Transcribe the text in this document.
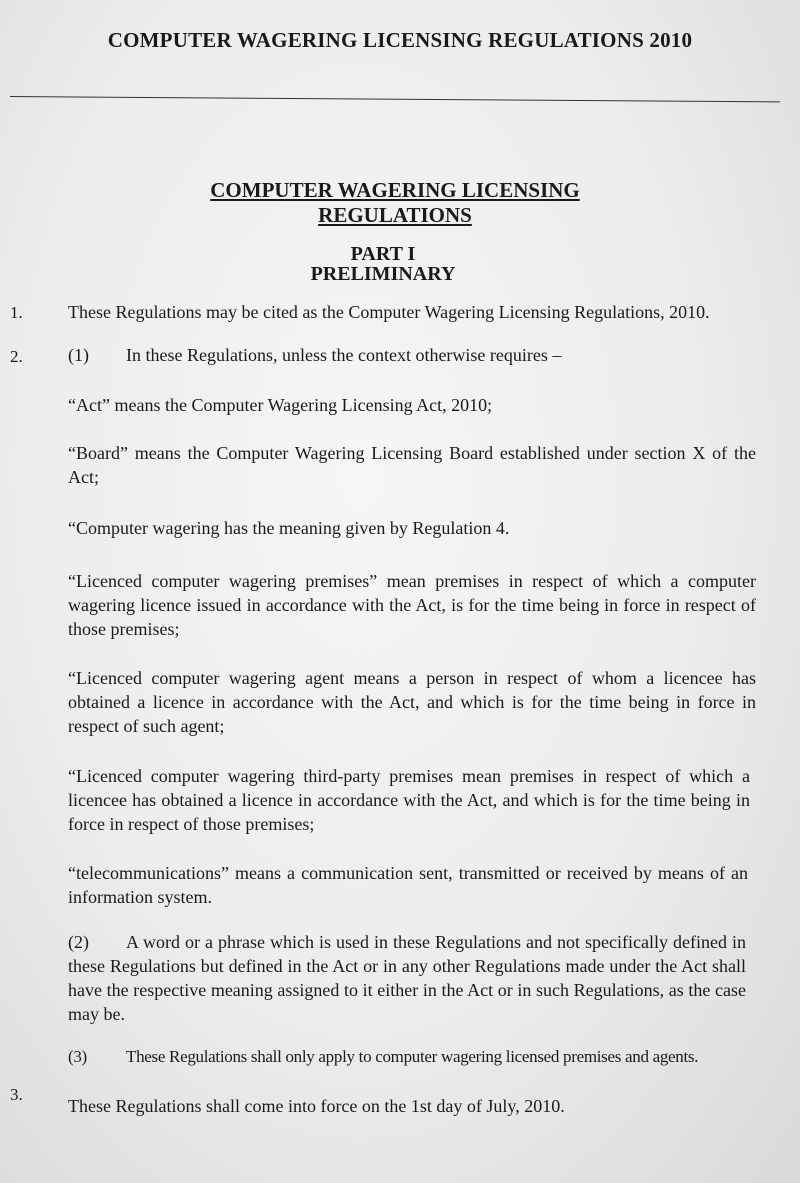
COMPUTER WAGERING LICENSING REGULATIONS 2010
COMPUTER WAGERING LICENSING
REGULATIONS
PART I
PRELIMINARY
1.	These Regulations may be cited as the Computer Wagering Licensing Regulations, 2010.
2.	(1) In these Regulations, unless the context otherwise requires –
“Act” means the Computer Wagering Licensing Act, 2010;
“Board” means the Computer Wagering Licensing Board established under section X of the Act;
“Computer wagering has the meaning given by Regulation 4.
“Licenced computer wagering premises” mean premises in respect of which a computer wagering licence issued in accordance with the Act, is for the time being in force in respect of those premises;
“Licenced computer wagering agent means a person in respect of whom a licencee has obtained a licence in accordance with the Act, and which is for the time being in force in respect of such agent;
“Licenced computer wagering third-party premises mean premises in respect of which a licencee has obtained a licence in accordance with the Act, and which is for the time being in force in respect of those premises;
“telecommunications” means a communication sent, transmitted or received by means of an information system.
(2) A word or a phrase which is used in these Regulations and not specifically defined in these Regulations but defined in the Act or in any other Regulations made under the Act shall have the respective meaning assigned to it either in the Act or in such Regulations, as the case may be.
(3) These Regulations shall only apply to computer wagering licensed premises and agents.
3.
These Regulations shall come into force on the 1st day of July, 2010.
